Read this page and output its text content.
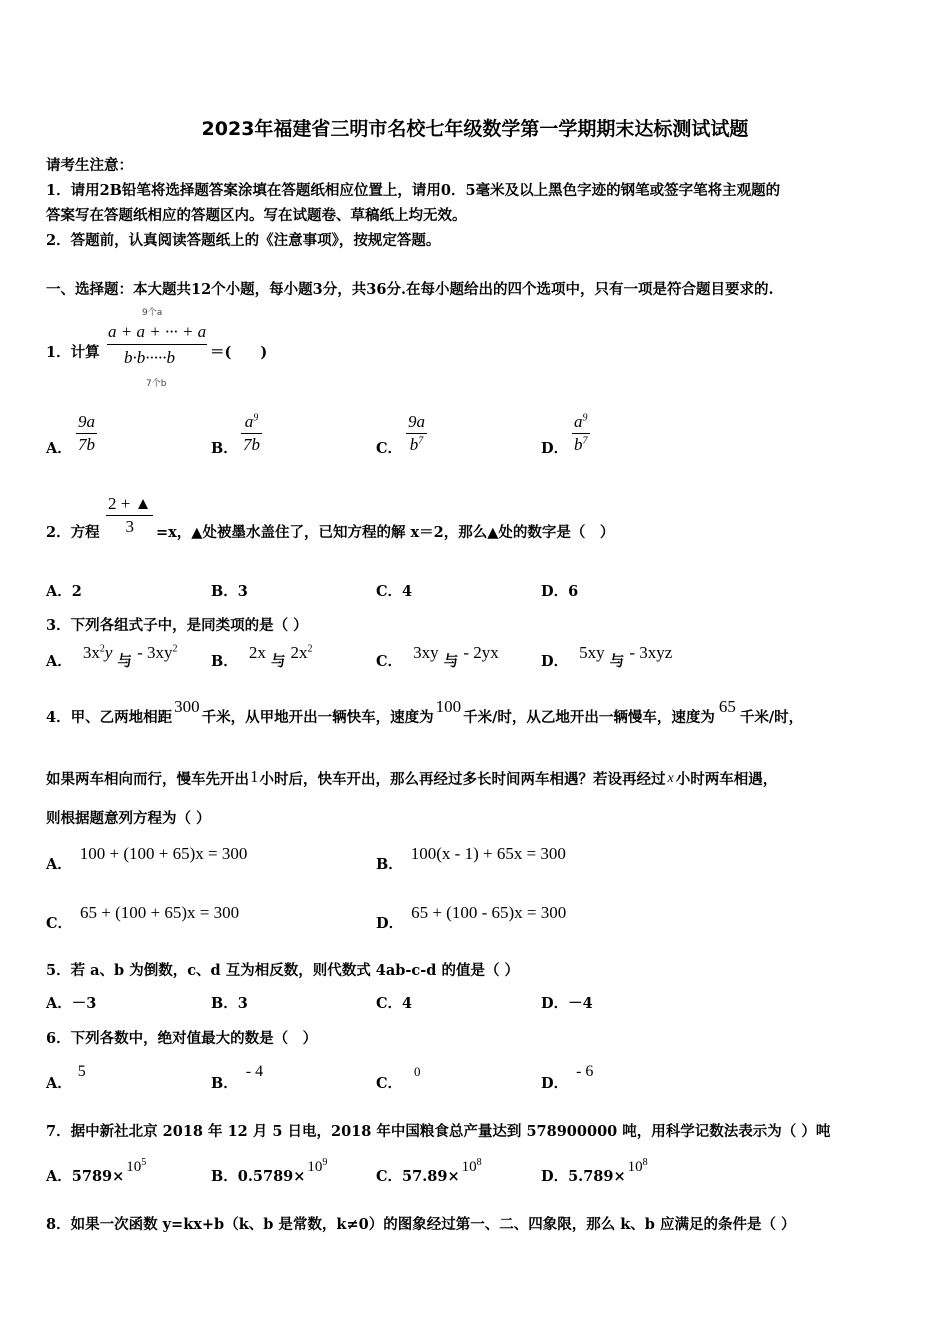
2023年福建省三明市名校七年级数学第一学期期末达标测试试题
请考生注意：
1．请用2B铅笔将选择题答案涂填在答题纸相应位置上，请用0．5毫米及以上黑色字迹的钢笔或签字笔将主观题的
答案写在答题纸相应的答题区内。写在试题卷、草稿纸上均无效。
2．答题前，认真阅读答题纸上的《注意事项》，按规定答题。
一、选择题：本大题共12个小题，每小题3分，共36分.在每小题给出的四个选项中，只有一项是符合题目要求的.
1．计算
9个a
a + a + ··· + a
b·b·····b
7个b
＝(　　)
A．
9a
7b	B．
$a^9$
7b	C．
9a
$b^7$	D．
$a^9$
$b^7$
2．方程
2 + ▲
3	=x，▲处被墨水盖住了，已知方程的解 x＝2，那么▲处的数字是（　）
A．2	B．3	C．4	D．6
3．下列各组式子中，是同类项的是（ ）
A． $3x^2y$ 与 - $3xy^2$
B． 2x 与 $2x^2$
C． 3xy 与 - 2yx	D． 5xy 与 - 3xyz
4．甲、乙两地相距300千米，从甲地开出一辆快车，速度为100千米/时，从乙地开出一辆慢车，速度为65千米/时，
如果两车相向而行，慢车先开出1小时后，快车开出，那么再经过多长时间两车相遇？若设再经过 x 小时两车相遇，
则根据题意列方程为（ ）
A．100 + (100 + 65)x = 300
B．100(x - 1) + 65x = 300
C．65 + (100 + 65)x = 300
D．65 + (100 - 65)x = 300
5．若 a、b 为倒数，c、d 互为相反数，则代数式 4ab-c-d 的值是（ ）
A．－3	B．3	C．4	D．－4
6．下列各数中，绝对值最大的数是（　）
A．5
B．- 4
C．0
D．- 6
7．据中新社北京 2018 年 12 月 5 日电，2018 年中国粮食总产量达到 578900000 吨，用科学记数法表示为（ ）吨
A．$5789\times 10^5$
B．$0.5789\times 10^9$
C．$57.89\times 10^8$
D．$5.789\times 10^8$
8．如果一次函数 y=kx+b（k、b 是常数，k≠0）的图象经过第一、二、四象限，那么 k、b 应满足的条件是（ ）
